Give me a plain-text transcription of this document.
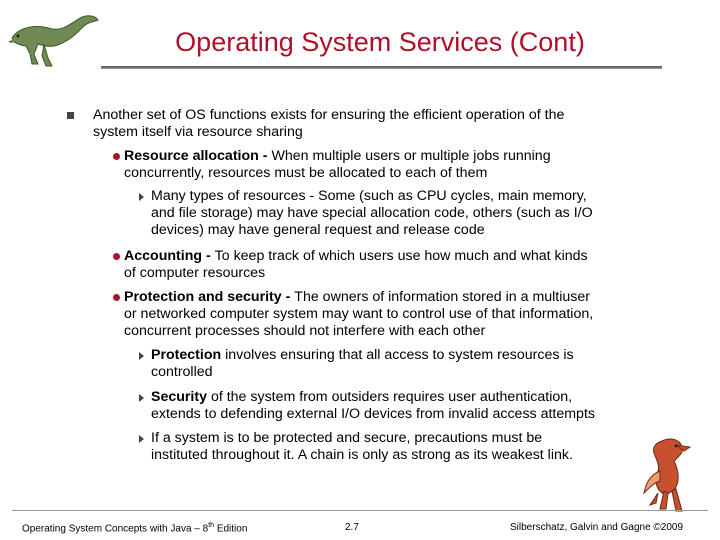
Operating System Services (Cont)
Another set of OS functions exists for ensuring the efficient operation of the
system itself via resource sharing
Resource allocation - When multiple users or multiple jobs running
concurrently, resources must be allocated to each of them
Many types of resources - Some (such as CPU cycles, main memory,
and file storage) may have special allocation code, others (such as I/O
devices) may have general request and release code
Accounting - To keep track of which users use how much and what kinds
of computer resources
Protection and security - The owners of information stored in a multiuser
or networked computer system may want to control use of that information,
concurrent processes should not interfere with each other
Protection involves ensuring that all access to system resources is
controlled
Security of the system from outsiders requires user authentication,
extends to defending external I/O devices from invalid access attempts
If a system is to be protected and secure, precautions must be
instituted throughout it. A chain is only as strong as its weakest link.
Operating System Concepts with Java – 8th Edition	2.7	Silberschatz, Galvin and Gagne ©2009
